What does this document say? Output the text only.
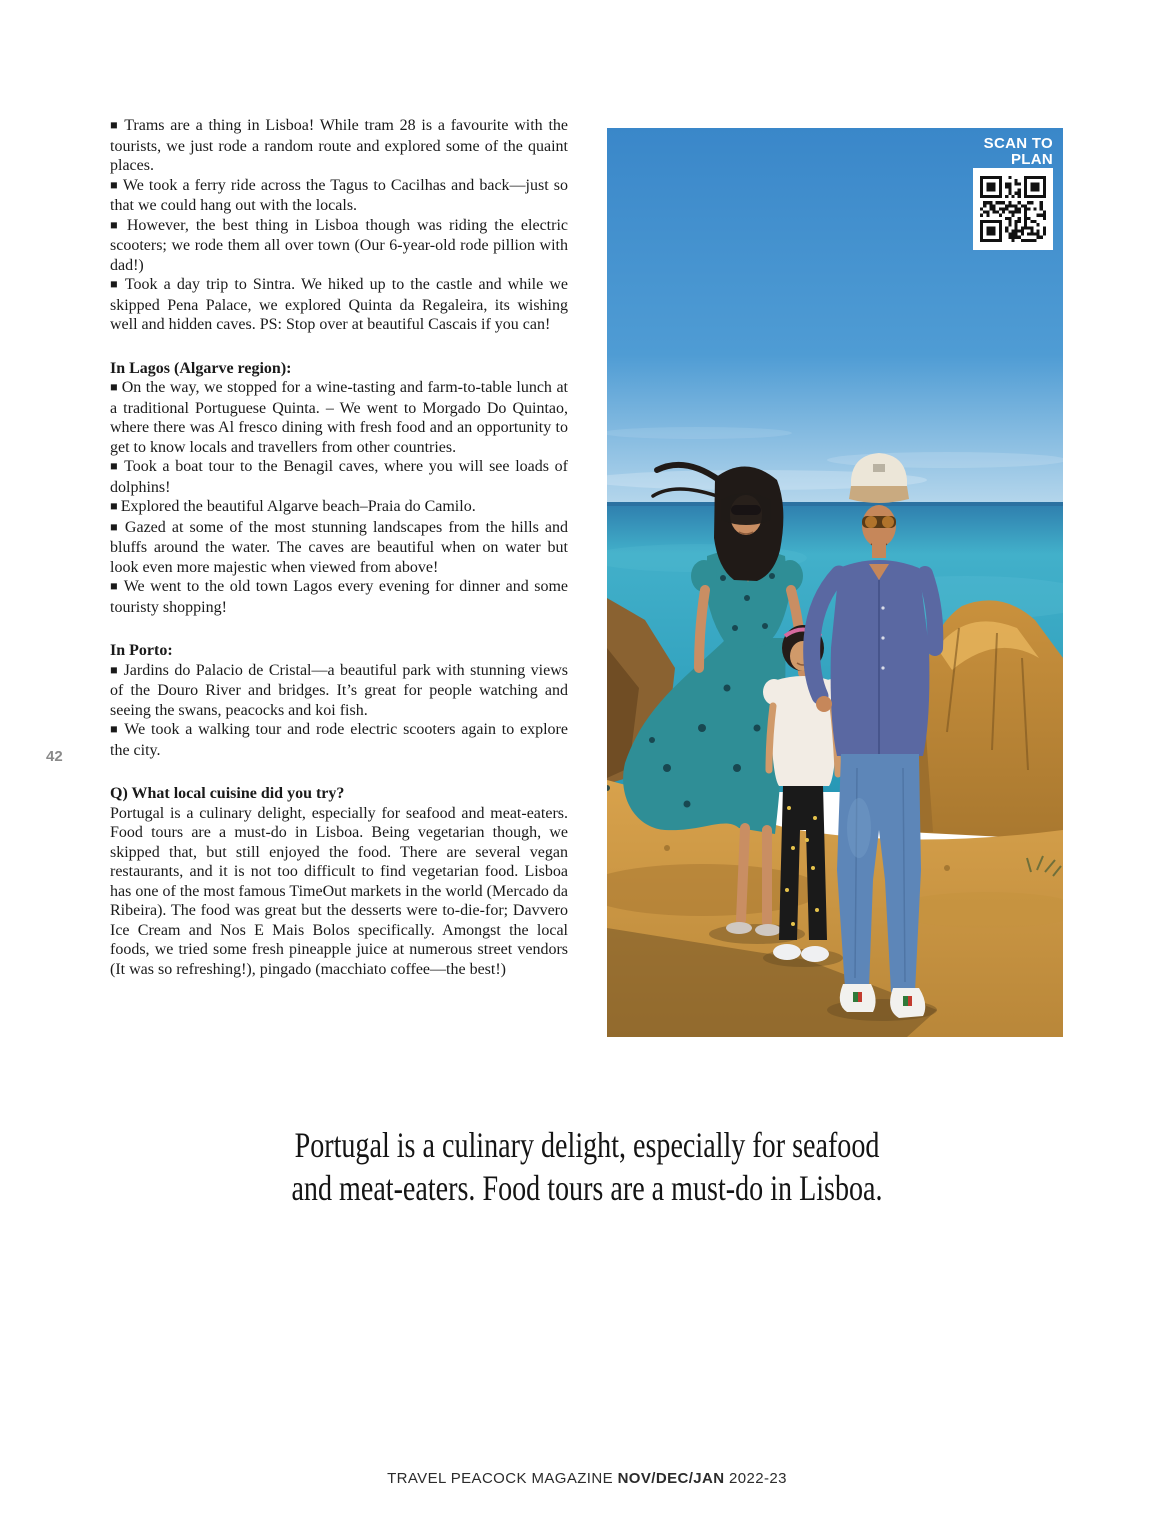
■ Trams are a thing in Lisboa! While tram 28 is a favourite with the tourists, we just rode a random route and explored some of the quaint places.

■ We took a ferry ride across the Tagus to Cacilhas and back—just so that we could hang out with the locals.

■ However, the best thing in Lisboa though was riding the electric scooters; we rode them all over town (Our 6-year-old rode pillion with dad!)

■ Took a day trip to Sintra. We hiked up to the castle and while we skipped Pena Palace, we explored Quinta da Regaleira, its wishing well and hidden caves. PS: Stop over at beautiful Cascais if you can!

In Lagos (Algarve region):

■ On the way, we stopped for a wine-tasting and farm-to-table lunch at a traditional Portuguese Quinta. – We went to Morgado Do Quintao, where there was Al fresco dining with fresh food and an opportunity to get to know locals and travellers from other countries.

■ Took a boat tour to the Benagil caves, where you will see loads of dolphins!

■ Explored the beautiful Algarve beach–Praia do Camilo.

■ Gazed at some of the most stunning landscapes from the hills and bluffs around the water. The caves are beautiful when on water but look even more majestic when viewed from above!

■ We went to the old town Lagos every evening for dinner and some touristy shopping!

In Porto:

■ Jardins do Palacio de Cristal—a beautiful park with stunning views of the Douro River and bridges. It’s great for people watching and seeing the swans, peacocks and koi fish.

■ We took a walking tour and rode electric scooters again to explore the city.

Q) What local cuisine did you try?

Portugal is a culinary delight, especially for seafood and meat-eaters. Food tours are a must-do in Lisboa. Being vegetarian though, we skipped that, but still enjoyed the food. There are several vegan restaurants, and it is not too difficult to find vegetarian food. Lisboa has one of the most famous TimeOut markets in the world (Mercado da Ribeira). The food was great but the desserts were to-die-for; Davvero Ice Cream and Nos E Mais Bolos specifically. Amongst the local foods, we tried some fresh pineapple juice at numerous street vendors (It was so refreshing!), pingado (macchiato coffee—the best!)

42
SCAN TO PLAN
Portugal is a culinary delight, especially for seafood and meat-eaters. Food tours are a must-do in Lisboa.
TRAVEL PEACOCK MAGAZINE NOV/DEC/JAN 2022-23
